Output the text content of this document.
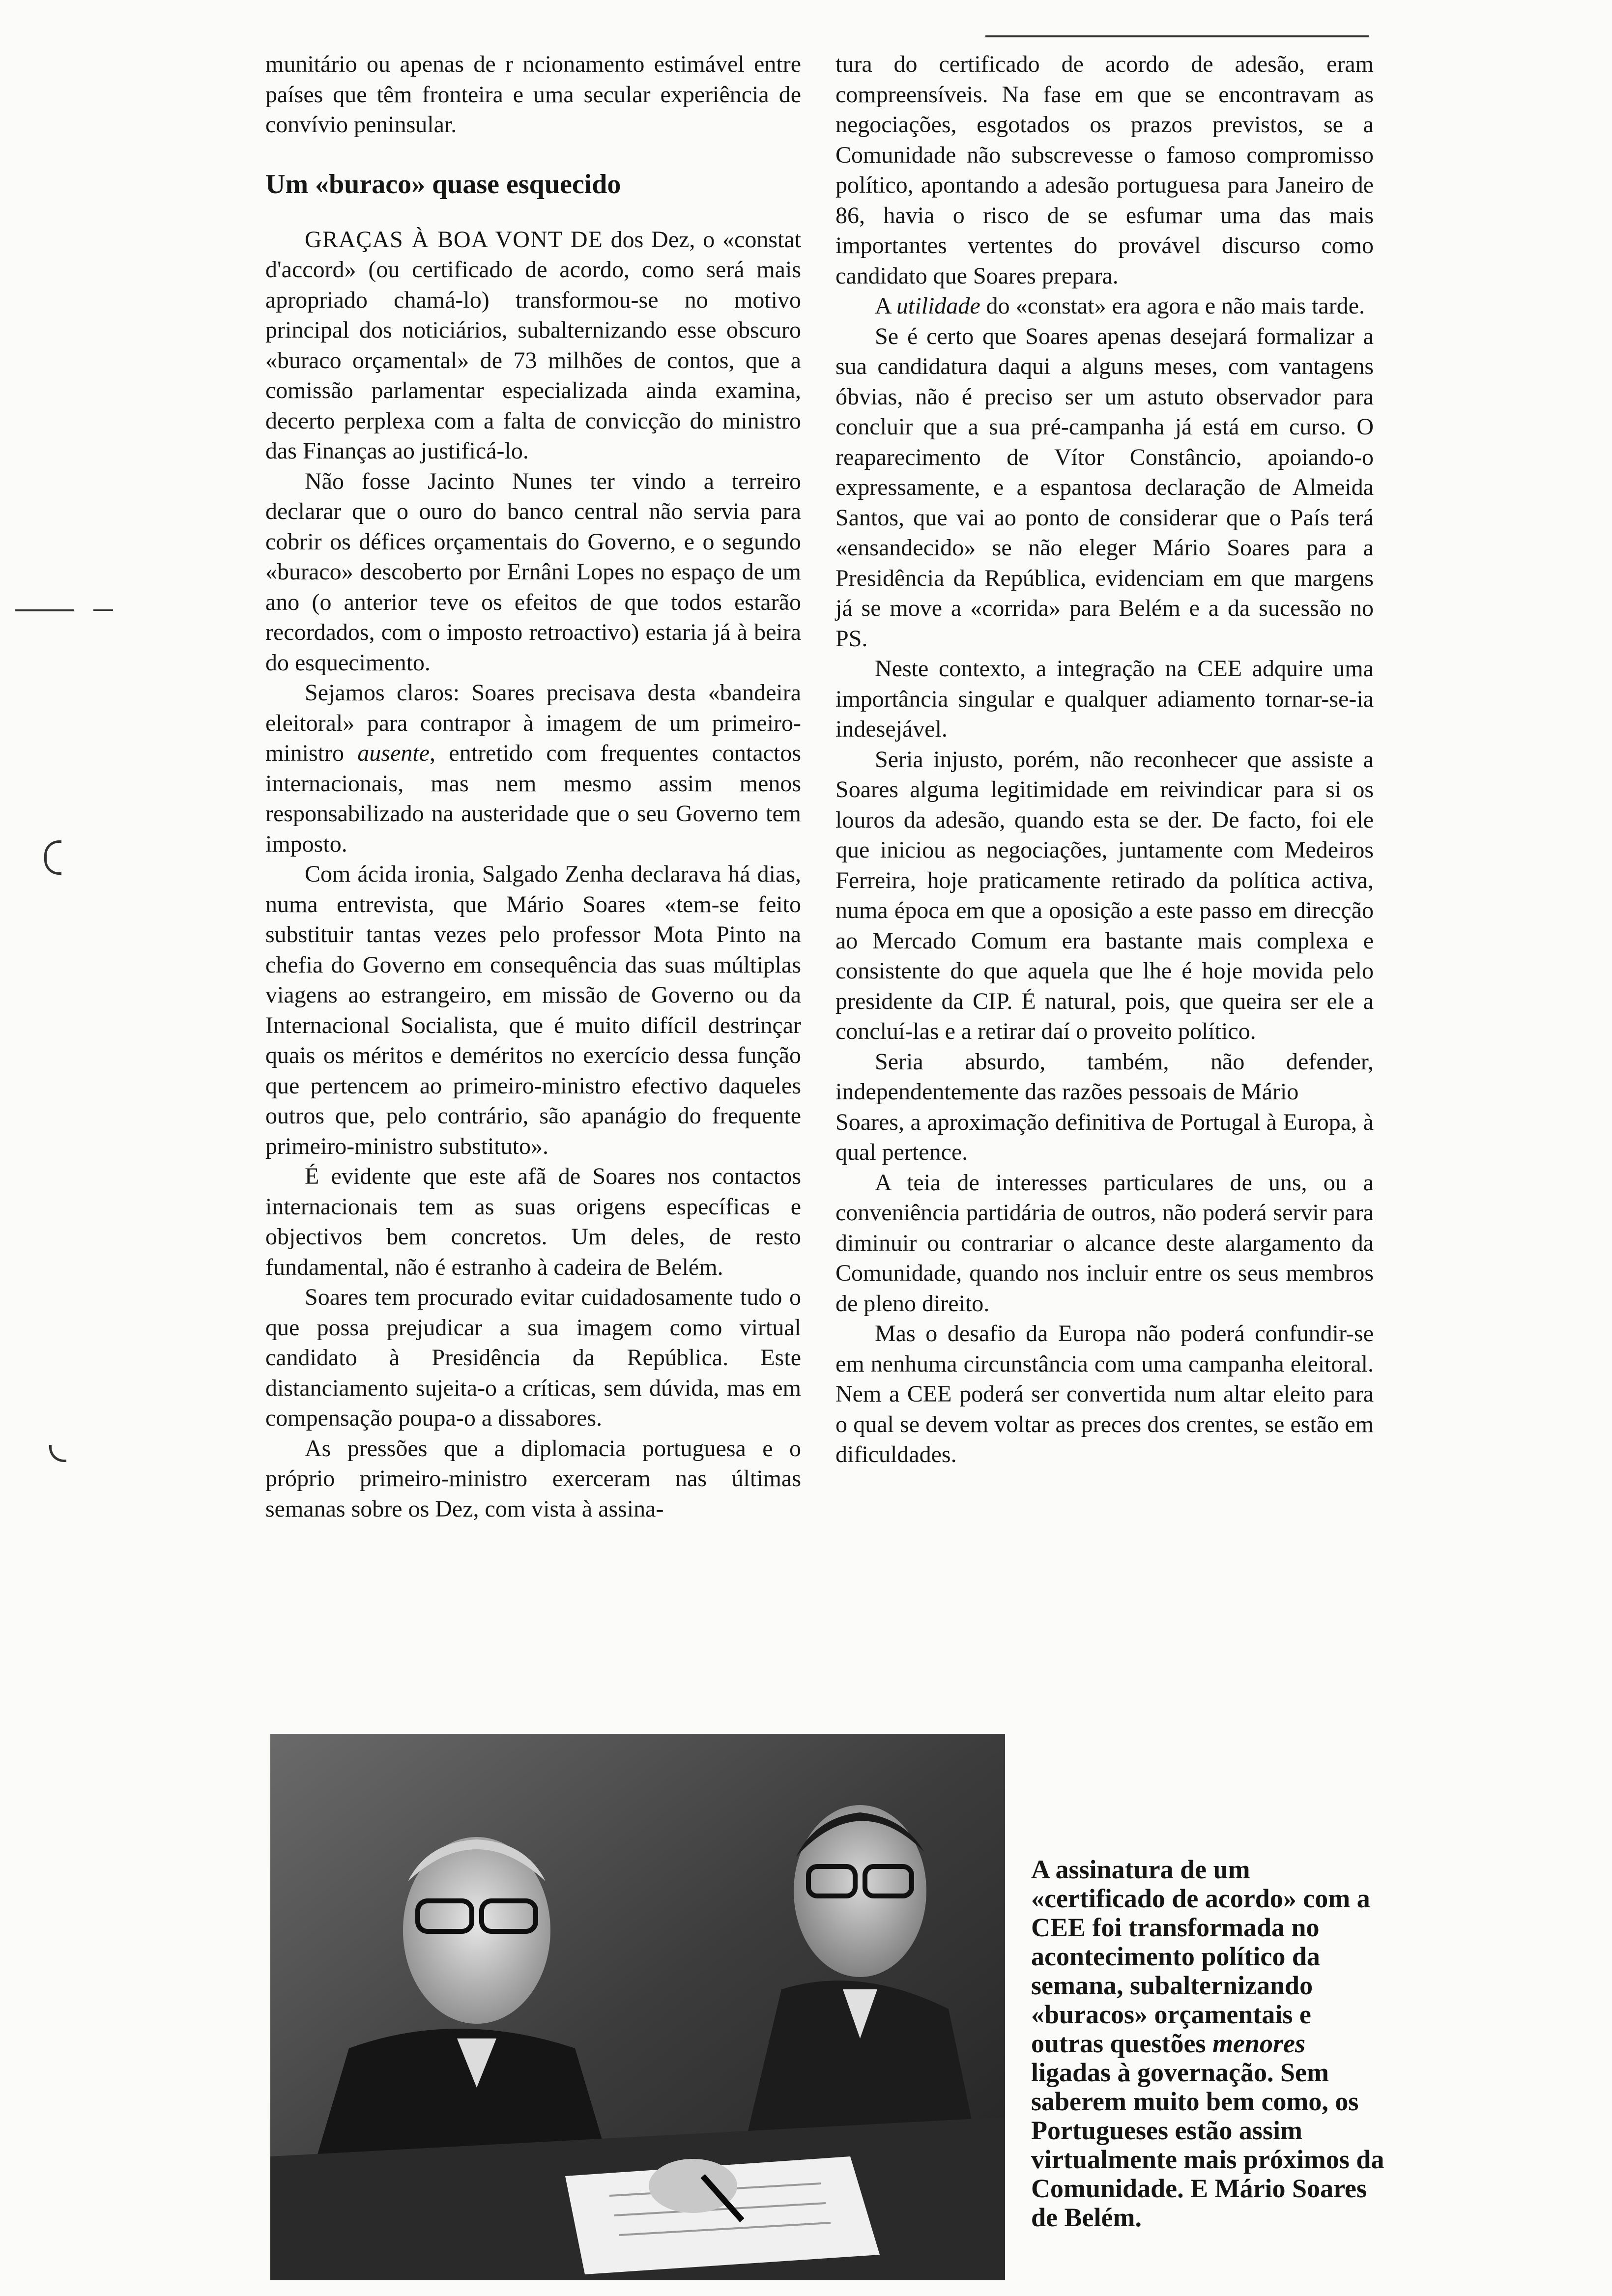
munitário ou apenas de r ncionamento estimável entre países que têm fronteira e uma secular experiência de convívio peninsular.

Um «buraco» quase esquecido

GRAÇAS À BOA VONT DE dos Dez, o «constat d'accord» (ou certificado de acordo, como será mais apropriado chamá-lo) transformou-se no motivo principal dos noticiários, subalternizando esse obscuro «buraco orçamental» de 73 milhões de contos, que a comissão parlamentar especializada ainda examina, decerto perplexa com a falta de convicção do ministro das Finanças ao justificá-lo.

Não fosse Jacinto Nunes ter vindo a terreiro declarar que o ouro do banco central não servia para cobrir os défices orçamentais do Governo, e o segundo «buraco» descoberto por Ernâni Lopes no espaço de um ano (o anterior teve os efeitos de que todos estarão recordados, com o imposto retroactivo) estaria já à beira do esquecimento.

Sejamos claros: Soares precisava desta «bandeira eleitoral» para contrapor à imagem de um primeiro-ministro ausente, entretido com frequentes contactos internacionais, mas nem mesmo assim menos responsabilizado na austeridade que o seu Governo tem imposto.

Com ácida ironia, Salgado Zenha declarava há dias, numa entrevista, que Mário Soares «tem-se feito substituir tantas vezes pelo professor Mota Pinto na chefia do Governo em consequência das suas múltiplas viagens ao estrangeiro, em missão de Governo ou da Internacional Socialista, que é muito difícil destrinçar quais os méritos e deméritos no exercício dessa função que pertencem ao primeiro-ministro efectivo daqueles outros que, pelo contrário, são apanágio do frequente primeiro-ministro substituto».

É evidente que este afã de Soares nos contactos internacionais tem as suas origens específicas e objectivos bem concretos. Um deles, de resto fundamental, não é estranho à cadeira de Belém.

Soares tem procurado evitar cuidadosamente tudo o que possa prejudicar a sua imagem como virtual candidato à Presidência da República. Este distanciamento sujeita-o a críticas, sem dúvida, mas em compensação poupa-o a dissabores.

As pressões que a diplomacia portuguesa e o próprio primeiro-ministro exerceram nas últimas semanas sobre os Dez, com vista à assina-

tura do certificado de acordo de adesão, eram compreensíveis. Na fase em que se encontravam as negociações, esgotados os prazos previstos, se a Comunidade não subscrevesse o famoso compromisso político, apontando a adesão portuguesa para Janeiro de 86, havia o risco de se esfumar uma das mais importantes vertentes do provável discurso como candidato que Soares prepara.

A utilidade do «constat» era agora e não mais tarde.

Se é certo que Soares apenas desejará formalizar a sua candidatura daqui a alguns meses, com vantagens óbvias, não é preciso ser um astuto observador para concluir que a sua pré-campanha já está em curso. O reaparecimento de Vítor Constâncio, apoiando-o expressamente, e a espantosa declaração de Almeida Santos, que vai ao ponto de considerar que o País terá «ensandecido» se não eleger Mário Soares para a Presidência da República, evidenciam em que margens já se move a «corrida» para Belém e a da sucessão no PS.

Neste contexto, a integração na CEE adquire uma importância singular e qualquer adiamento tornar-se-ia indesejável.

Seria injusto, porém, não reconhecer que assiste a Soares alguma legitimidade em reivindicar para si os louros da adesão, quando esta se der. De facto, foi ele que iniciou as negociações, juntamente com Medeiros Ferreira, hoje praticamente retirado da política activa, numa época em que a oposição a este passo em direcção ao Mercado Comum era bastante mais complexa e consistente do que aquela que lhe é hoje movida pelo presidente da CIP. É natural, pois, que queira ser ele a concluí-las e a retirar daí o proveito político.

Seria absurdo, também, não defender, independentemente das razões pessoais de Mário

Soares, a aproximação definitiva de Portugal à Europa, à qual pertence.

A teia de interesses particulares de uns, ou a conveniência partidária de outros, não poderá servir para diminuir ou contrariar o alcance deste alargamento da Comunidade, quando nos incluir entre os seus membros de pleno direito.

Mas o desafio da Europa não poderá confundir-se em nenhuma circunstância com uma campanha eleitoral. Nem a CEE poderá ser convertida num altar eleito para o qual se devem voltar as preces dos crentes, se estão em dificuldades.

A assinatura de um «certificado de acordo» com a CEE foi transformada no acontecimento político da semana, subalternizando «buracos» orçamentais e outras questões menores ligadas à governação. Sem saberem muito bem como, os Portugueses estão assim virtualmente mais próximos da Comunidade. E Mário Soares de Belém.
